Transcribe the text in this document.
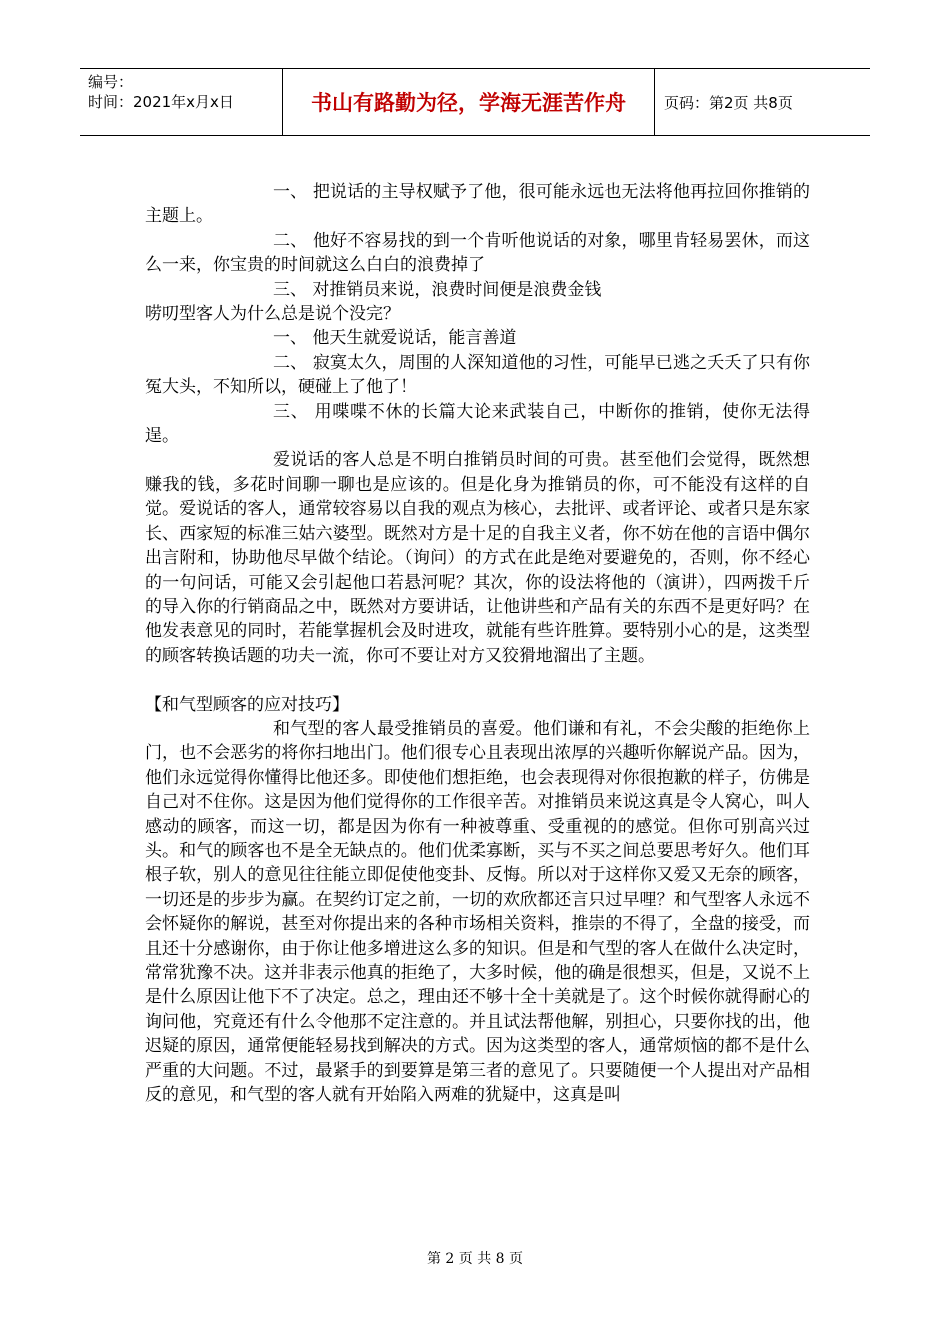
编号：
时间：2021年x月x日	书山有路勤为径，学海无涯苦作舟	页码：第2页 共8页

一、 把说话的主导权赋予了他，很可能永远也无法将他再拉回你推销的主题上。

二、 他好不容易找的到一个肯听他说话的对象，哪里肯轻易罢休，而这么一来，你宝贵的时间就这么白白的浪费掉了

三、 对推销员来说，浪费时间便是浪费金钱

唠叨型客人为什么总是说个没完？

一、 他天生就爱说话，能言善道

二、 寂寞太久，周围的人深知道他的习性，可能早已逃之夭夭了只有你冤大头，不知所以，硬碰上了他了！

三、 用喋喋不休的长篇大论来武装自己，中断你的推销，使你无法得逞。

爱说话的客人总是不明白推销员时间的可贵。甚至他们会觉得，既然想赚我的钱，多花时间聊一聊也是应该的。但是化身为推销员的你，可不能没有这样的自觉。爱说话的客人，通常较容易以自我的观点为核心，去批评、或者评论、或者只是东家长、西家短的标准三姑六婆型。既然对方是十足的自我主义者，你不妨在他的言语中偶尔出言附和，协助他尽早做个结论。（询问）的方式在此是绝对要避免的，否则，你不经心的一句问话，可能又会引起他口若悬河呢？其次，你的设法将他的（演讲），四两拨千斤的导入你的行销商品之中，既然对方要讲话，让他讲些和产品有关的东西不是更好吗？在他发表意见的同时，若能掌握机会及时进攻，就能有些许胜算。要特别小心的是，这类型的顾客转换话题的功夫一流，你可不要让对方又狡猾地溜出了主题。

【和气型顾客的应对技巧】

和气型的客人最受推销员的喜爱。他们谦和有礼，不会尖酸的拒绝你上门，也不会恶劣的将你扫地出门。他们很专心且表现出浓厚的兴趣听你解说产品。因为，他们永远觉得你懂得比他还多。即使他们想拒绝，也会表现得对你很抱歉的样子，仿佛是自己对不住你。这是因为他们觉得你的工作很辛苦。对推销员来说这真是令人窝心，叫人感动的顾客，而这一切，都是因为你有一种被尊重、受重视的的感觉。但你可别高兴过头。和气的顾客也不是全无缺点的。他们优柔寡断，买与不买之间总要思考好久。他们耳根子软，别人的意见往往能立即促使他变卦、反悔。所以对于这样你又爱又无奈的顾客，一切还是的步步为赢。在契约订定之前，一切的欢欣都还言只过早哩？和气型客人永远不会怀疑你的解说，甚至对你提出来的各种市场相关资料，推崇的不得了，全盘的接受，而且还十分感谢你，由于你让他多增进这么多的知识。但是和气型的客人在做什么决定时，常常犹豫不决。这并非表示他真的拒绝了，大多时候，他的确是很想买，但是，又说不上是什么原因让他下不了决定。总之，理由还不够十全十美就是了。这个时候你就得耐心的询问他，究竟还有什么令他那不定注意的。并且试法帮他解，别担心，只要你找的出，他迟疑的原因，通常便能轻易找到解决的方式。因为这类型的客人，通常烦恼的都不是什么严重的大问题。不过，最紧手的到要算是第三者的意见了。只要随便一个人提出对产品相反的意见，和气型的客人就有开始陷入两难的犹疑中，这真是叫

第 2 页 共 8 页
